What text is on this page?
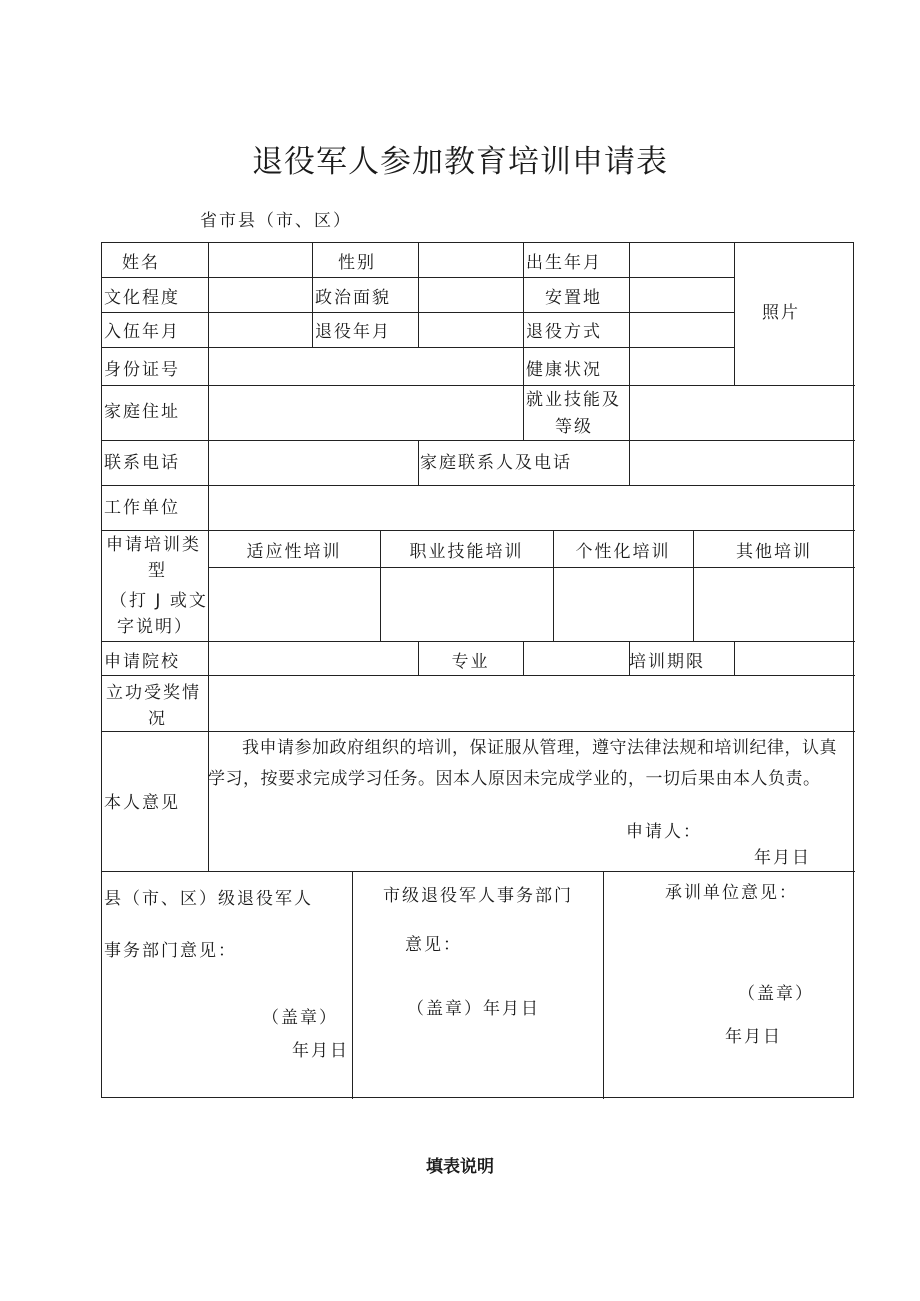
退役军人参加教育培训申请表
省市县（市、区）
姓名	性别	出生年月
照片
文化程度	政治面貌	安置地
入伍年月	退役年月	退役方式
身份证号	健康状况
家庭住址
就业技能及
等级
联系电话	家庭联系人及电话
工作单位
申请培训类
型
（打 J 或文
字说明）
适应性培训	职业技能培训	个性化培训	其他培训
申请院校	专业	培训期限
立功受奖情
况
本人意见
我申请参加政府组织的培训，保证服从管理，遵守法律法规和培训纪律，认真学习，按要求完成学习任务。因本人原因未完成学业的，一切后果由本人负责。
申请人：
年月日
县（市、区）级退役军人
事务部门意见：
（盖章）
年月日
市级退役军人事务部门
意见：
（盖章）年月日
承训单位意见：
（盖章）
年月日
填表说明
